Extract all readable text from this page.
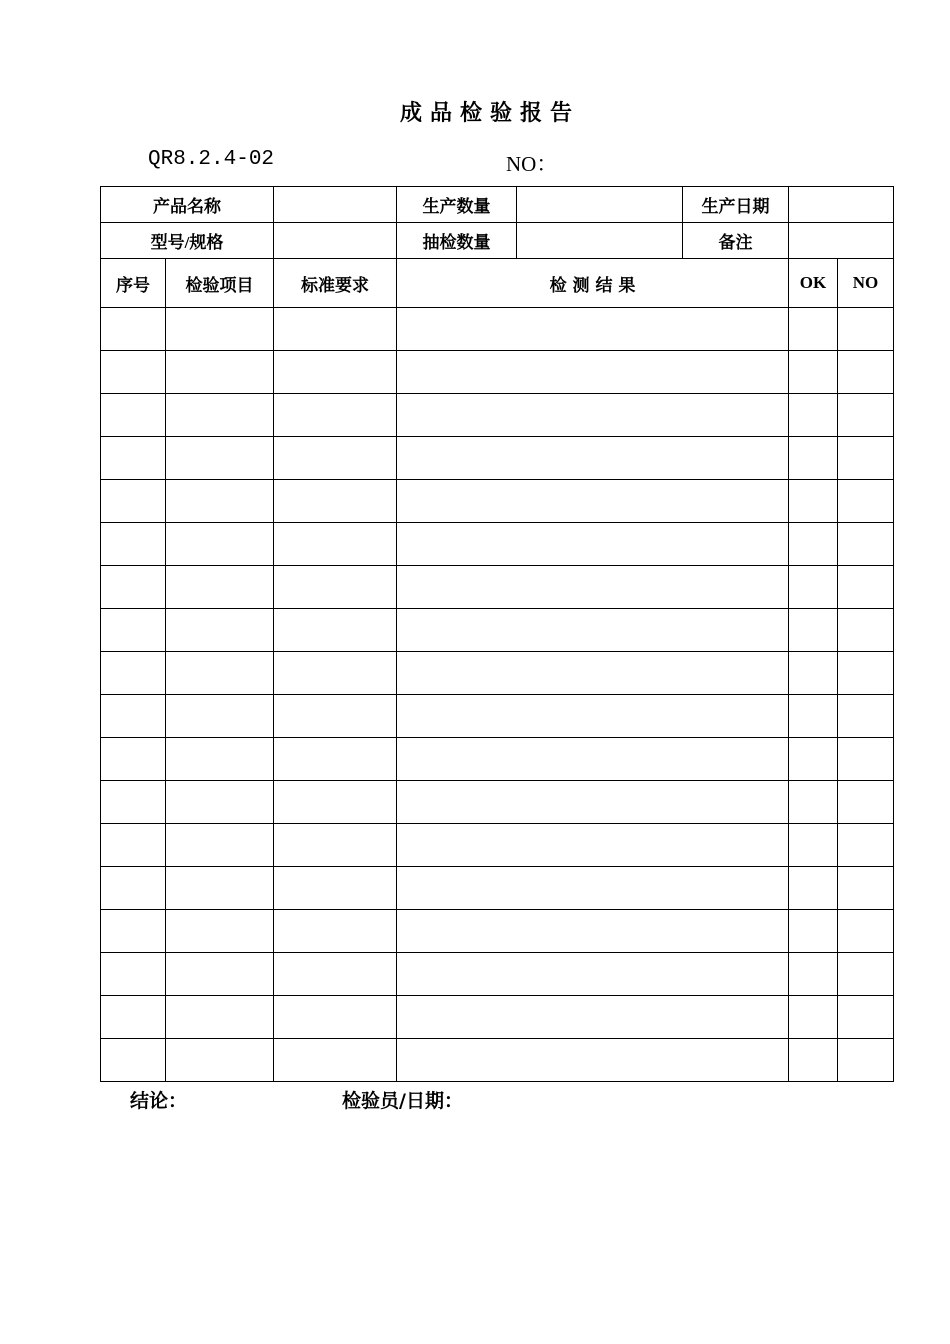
成品检验报告
QR8.2.4-02	NO：
产品名称			生产数量		生产日期		
型号/规格			抽检数量		备注		
序号	检验项目	标准要求	检 测 结 果			OK	NO

结论：	检验员/日期：
